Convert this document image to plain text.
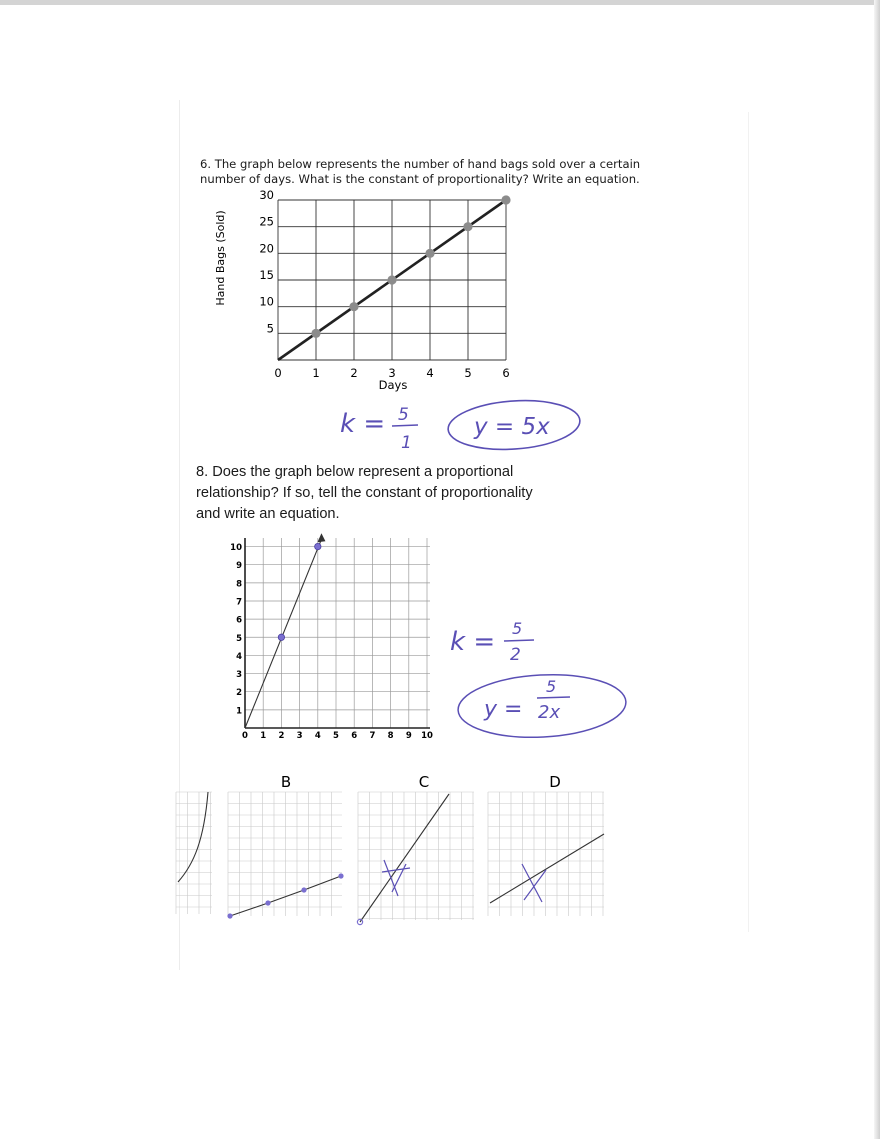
6. The graph below represents the number of hand bags sold over a certain
number of days. What is the constant of proportionality? Write an equation.
Hand Bags (Sold)
Days
5
10
15
20
25
30
0	1	2	3	4	5	6
k = 5
1
y = 5x
8. Does the graph below represent a proportional
relationship? If so, tell the constant of proportionality
and write an equation.
1
2
3
4
5
6
7
8
9
10
0 1 2 3 4 5 6 7 8 9 10
k = 5
2
y =
5
2x
B	C	D
